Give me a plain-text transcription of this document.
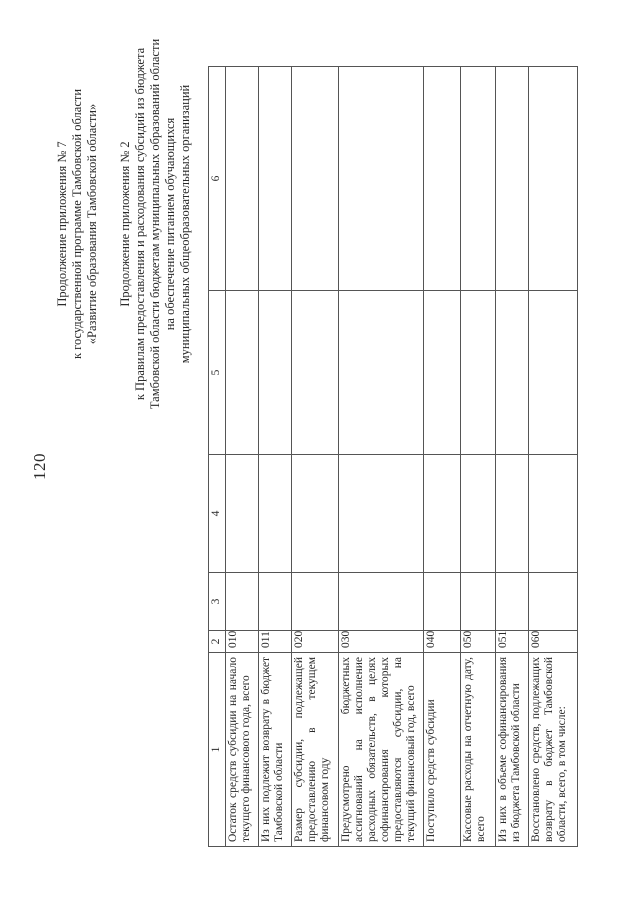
120
Продолжение приложения № 7 к государственной программе Тамбовской области «Развитие образования Тамбовской области» Продолжение приложения № 2 к Правилам предоставления и расходования субсидий из бюджета Тамбовской области бюджетам муниципальных образований области на обеспечение питанием обучающихся муниципальных общеобразовательных организаций
1	2	3	4	5	6
Остаток средств субсидии на начало текущего финансового года, всего	010				
Из них подлежит возврату в бюджет Тамбовской области	011				
Размер субсидии, подлежащей предоставлению в текущем финансовом году	020				
Предусмотрено бюджетных ассигнований на исполнение расходных обязательств, в целях софинансирования которых предоставляются субсидии, на текущий финансовый год, всего	030				
Поступило средств субсидии	040				
Кассовые расходы на отчетную дату, всего	050				
Из них в объеме софинансирования из бюджета Тамбовской области	051				
Восстановлено средств, подлежащих возврату в бюджет Тамбовской области, всего, в том числе:	060				
